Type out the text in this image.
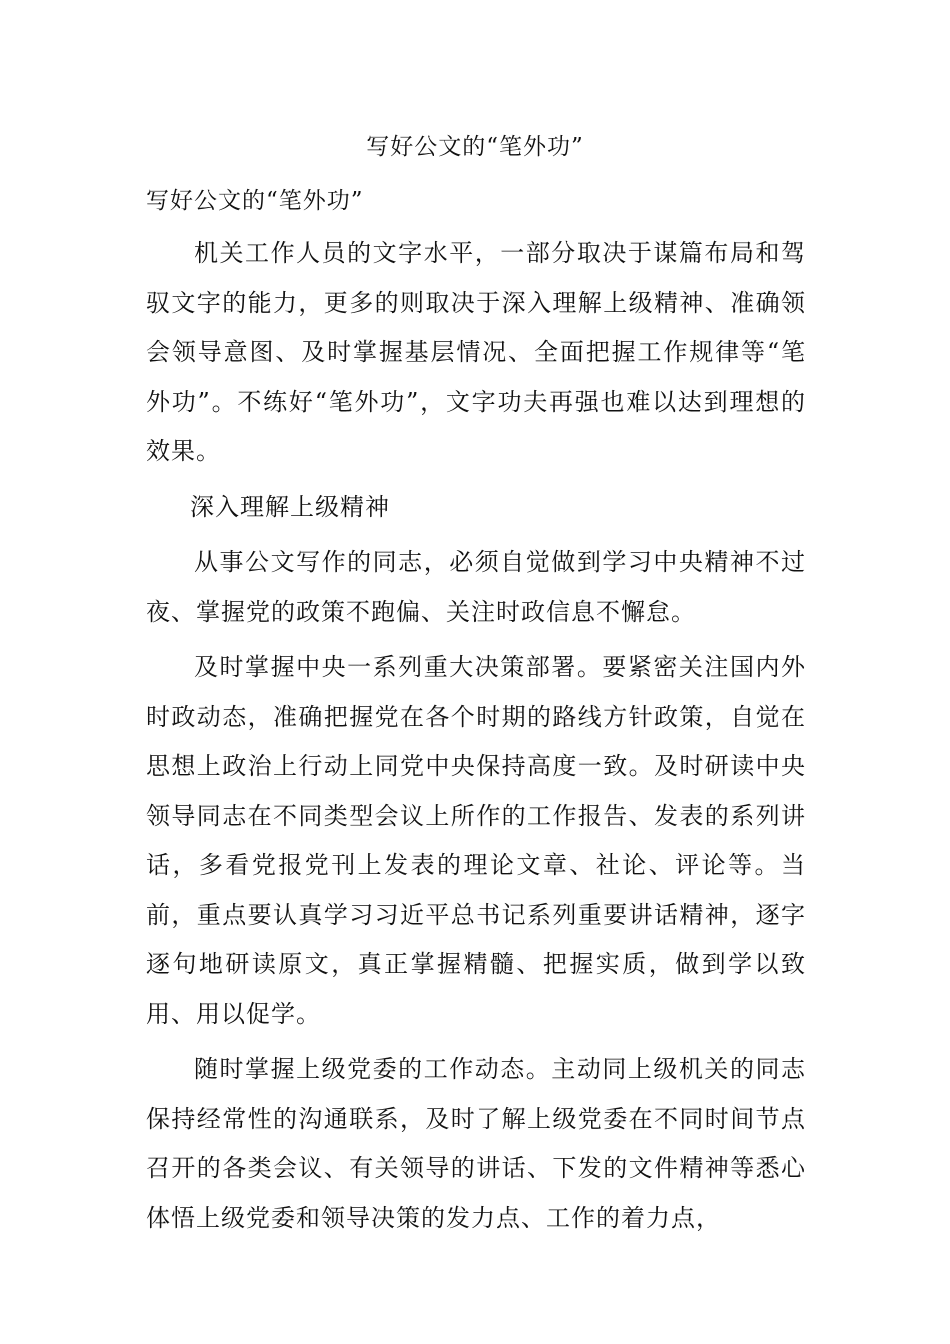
写好公文的“笔外功”

写好公文的“笔外功”

机关工作人员的文字水平，一部分取决于谋篇布局和驾驭文字的能力，更多的则取决于深入理解上级精神、准确领会领导意图、及时掌握基层情况、全面把握工作规律等“笔外功”。不练好“笔外功”，文字功夫再强也难以达到理想的效果。

深入理解上级精神

从事公文写作的同志，必须自觉做到学习中央精神不过夜、掌握党的政策不跑偏、关注时政信息不懈怠。

及时掌握中央一系列重大决策部署。要紧密关注国内外时政动态，准确把握党在各个时期的路线方针政策，自觉在思想上政治上行动上同党中央保持高度一致。及时研读中央领导同志在不同类型会议上所作的工作报告、发表的系列讲话，多看党报党刊上发表的理论文章、社论、评论等。当前，重点要认真学习习近平总书记系列重要讲话精神，逐字逐句地研读原文，真正掌握精髓、把握实质，做到学以致用、用以促学。

随时掌握上级党委的工作动态。主动同上级机关的同志保持经常性的沟通联系，及时了解上级党委在不同时间节点召开的各类会议、有关领导的讲话、下发的文件精神等悉心体悟上级党委和领导决策的发力点、工作的着力点，
